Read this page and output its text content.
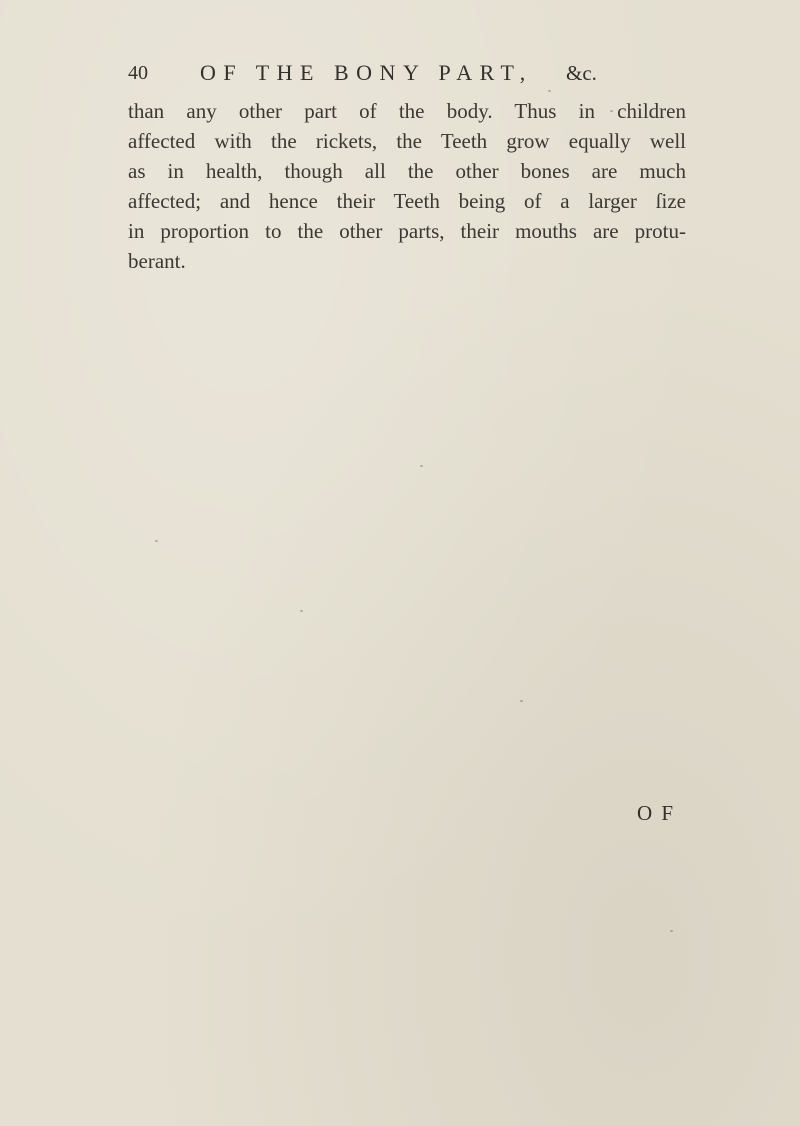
40 OF THE BONY PART, &c.
than any other part of the body. Thus in children
affected with the rickets, the Teeth grow equally well
as in health, though all the other bones are much
affected; and hence their Teeth being of a larger ſize
in proportion to the other parts, their mouths are protu-
berant.
O F
